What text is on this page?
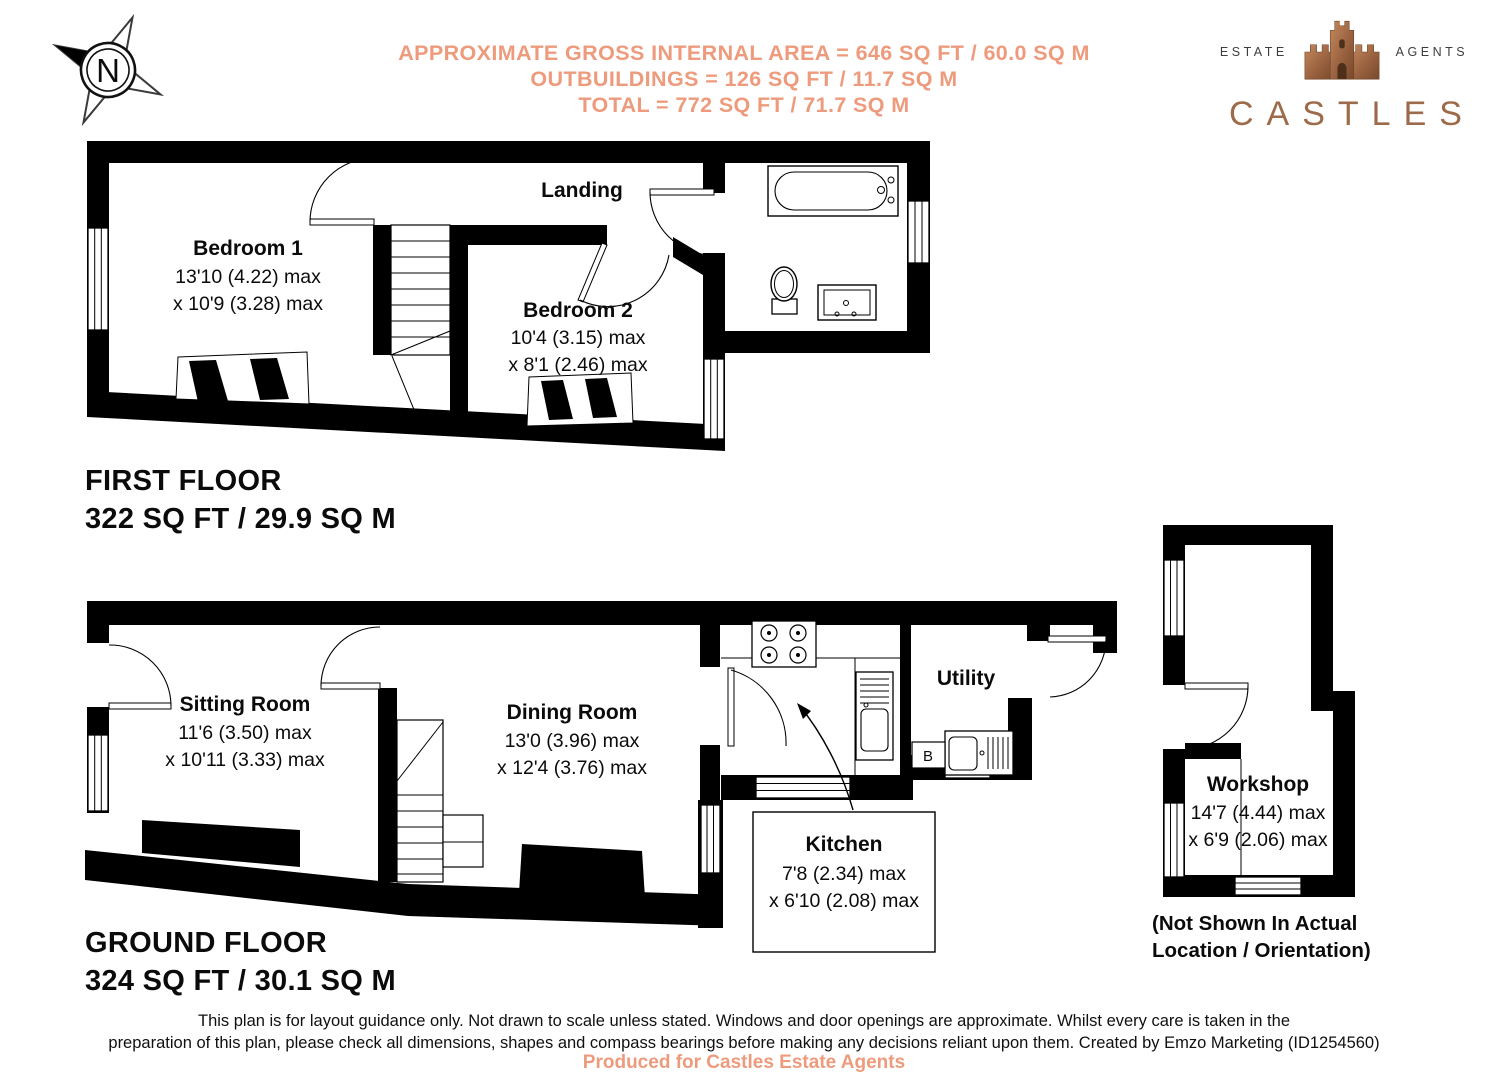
N	APPROXIMATE GROSS INTERNAL AREA = 646 SQ FT / 60.0 SQ M
OUTBUILDINGS = 126 SQ FT / 11.7 SQ M
TOTAL = 772 SQ FT / 71.7 SQ M
ESTATE	AGENTS
CASTLES
Bedroom 1
13'10 (4.22) max
x 10'9 (3.28) max
Landing
Bedroom 2
10'4 (3.15) max
x 8'1 (2.46) max
FIRST FLOOR
322 SQ FT / 29.9 SQ M
B
Kitchen
7'8 (2.34) max
x 6'10 (2.08) max
Sitting Room
11'6 (3.50) max
x 10'11 (3.33) max
Dining Room
13'0 (3.96) max
x 12'4 (3.76) max
Utility
Workshop
14'7 (4.44) max
x 6'9 (2.06) max
(Not Shown In Actual
Location / Orientation)
GROUND FLOOR
324 SQ FT / 30.1 SQ M
This plan is for layout guidance only. Not drawn to scale unless stated. Windows and door openings are approximate. Whilst every care is taken in the
preparation of this plan, please check all dimensions, shapes and compass bearings before making any decisions reliant upon them. Created by Emzo Marketing (ID1254560)
Produced for Castles Estate Agents
